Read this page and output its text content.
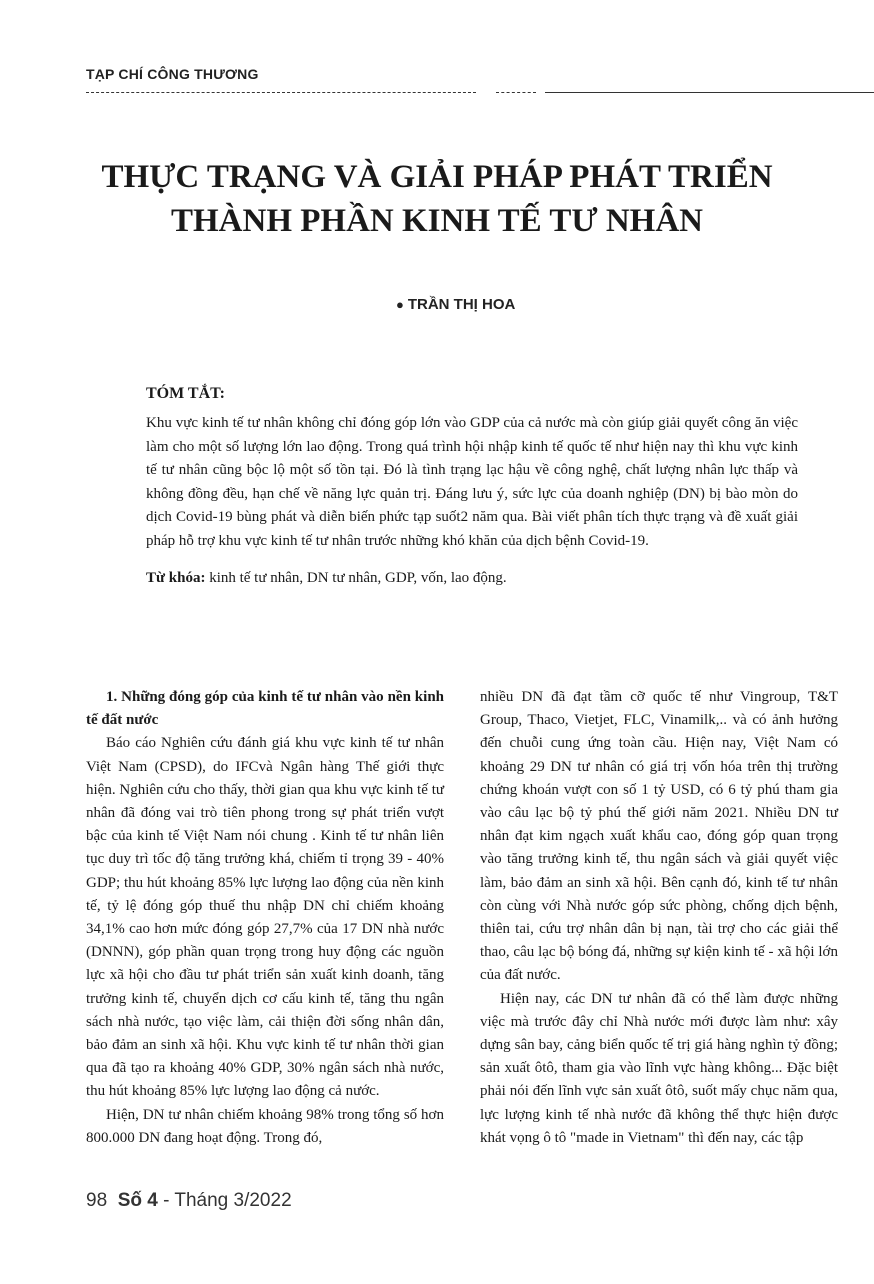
TẠP CHÍ CÔNG THƯƠNG
THỰC TRẠNG VÀ GIẢI PHÁP PHÁT TRIỂN
THÀNH PHẦN KINH TẾ TƯ NHÂN
● TRẦN THỊ HOA
TÓM TẮT:

Khu vực kinh tế tư nhân không chỉ đóng góp lớn vào GDP của cả nước mà còn giúp giải quyết công ăn việc làm cho một số lượng lớn lao động. Trong quá trình hội nhập kinh tế quốc tế như hiện nay thì khu vực kinh tế tư nhân cũng bộc lộ một số tồn tại. Đó là tình trạng lạc hậu về công nghệ, chất lượng nhân lực thấp và không đồng đều, hạn chế về năng lực quản trị. Đáng lưu ý, sức lực của doanh nghiệp (DN) bị bào mòn do dịch Covid-19 bùng phát và diễn biến phức tạp suốt2 năm qua. Bài viết phân tích thực trạng và đề xuất giải pháp hỗ trợ khu vực kinh tế tư nhân trước những khó khăn của dịch bệnh Covid-19.

Từ khóa: kinh tế tư nhân, DN tư nhân, GDP, vốn, lao động.
1. Những đóng góp của kinh tế tư nhân vào nền kinh tế đất nước

Báo cáo Nghiên cứu đánh giá khu vực kinh tế tư nhân Việt Nam (CPSD), do IFCvà Ngân hàng Thế giới thực hiện. Nghiên cứu cho thấy, thời gian qua khu vực kinh tế tư nhân đã đóng vai trò tiên phong trong sự phát triển vượt bậc của kinh tế Việt Nam nói chung . Kinh tế tư nhân liên tục duy trì tốc độ tăng trưởng khá, chiếm tỉ trọng 39 - 40% GDP; thu hút khoảng 85% lực lượng lao động của nền kinh tế, tỷ lệ đóng góp thuế thu nhập DN chỉ chiếm khoảng 34,1% cao hơn mức đóng góp 27,7% của 17 DN nhà nước (DNNN), góp phần quan trọng trong huy động các nguồn lực xã hội cho đầu tư phát triển sản xuất kinh doanh, tăng trưởng kinh tế, chuyển dịch cơ cấu kinh tế, tăng thu ngân sách nhà nước, tạo việc làm, cải thiện đời sống nhân dân, bảo đảm an sinh xã hội. Khu vực kinh tế tư nhân thời gian qua đã tạo ra khoảng 40% GDP, 30% ngân sách nhà nước, thu hút khoảng 85% lực lượng lao động cả nước.

Hiện, DN tư nhân chiếm khoảng 98% trong tổng số hơn 800.000 DN đang hoạt động. Trong đó,

nhiều DN đã đạt tầm cỡ quốc tế như Vingroup, T&T Group, Thaco, Vietjet, FLC, Vinamilk,.. và có ảnh hưởng đến chuỗi cung ứng toàn cầu. Hiện nay, Việt Nam có khoảng 29 DN tư nhân có giá trị vốn hóa trên thị trường chứng khoán vượt con số 1 tỷ USD, có 6 tỷ phú tham gia vào câu lạc bộ tỷ phú thế giới năm 2021. Nhiều DN tư nhân đạt kim ngạch xuất khẩu cao, đóng góp quan trọng vào tăng trưởng kinh tế, thu ngân sách và giải quyết việc làm, bảo đảm an sinh xã hội. Bên cạnh đó, kinh tế tư nhân còn cùng với Nhà nước góp sức phòng, chống dịch bệnh, thiên tai, cứu trợ nhân dân bị nạn, tài trợ cho các giải thể thao, câu lạc bộ bóng đá, những sự kiện kinh tế - xã hội lớn của đất nước.

Hiện nay, các DN tư nhân đã có thể làm được những việc mà trước đây chỉ Nhà nước mới được làm như: xây dựng sân bay, cảng biển quốc tế trị giá hàng nghìn tỷ đồng; sản xuất ôtô, tham gia vào lĩnh vực hàng không... Đặc biệt phải nói đến lĩnh vực sản xuất ôtô, suốt mấy chục năm qua, lực lượng kinh tế nhà nước đã không thể thực hiện được khát vọng ô tô "made in Vietnam" thì đến nay, các tập

98 Số 4 - Tháng 3/2022
